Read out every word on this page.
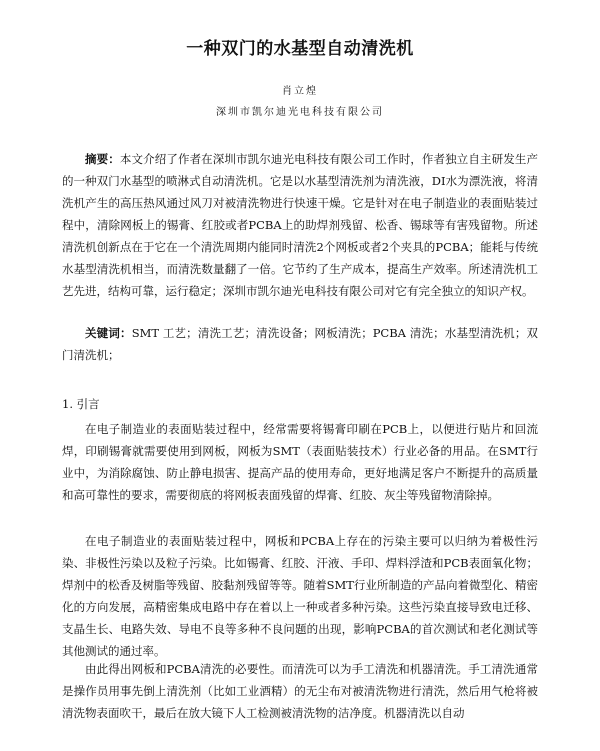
一种双门的水基型自动清洗机
肖立煌
深圳市凯尔迪光电科技有限公司
摘要：本文介绍了作者在深圳市凯尔迪光电科技有限公司工作时，作者独立自主研发生产的一种双门水基型的喷淋式自动清洗机。它是以水基型清洗剂为清洗液，DI水为漂洗液，将清洗机产生的高压热风通过风刀对被清洗物进行快速干燥。它是针对在电子制造业的表面贴装过程中，清除网板上的锡膏、红胶或者PCBA上的助焊剂残留、松香、锡球等有害残留物。所述清洗机创新点在于它在一个清洗周期内能同时清洗2个网板或者2个夹具的PCBA；能耗与传统水基型清洗机相当，而清洗数量翻了一倍。它节约了生产成本，提高生产效率。所述清洗机工艺先进，结构可靠，运行稳定；深圳市凯尔迪光电科技有限公司对它有完全独立的知识产权。
关键词：SMT 工艺；清洗工艺；清洗设备；网板清洗；PCBA 清洗；水基型清洗机；双门清洗机；
1. 引言

在电子制造业的表面贴装过程中，经常需要将锡膏印刷在PCB上，以便进行贴片和回流焊，印刷锡膏就需要使用到网板，网板为SMT（表面贴装技术）行业必备的用品。在SMT行业中，为消除腐蚀、防止静电损害、提高产品的使用寿命，更好地满足客户不断提升的高质量和高可靠性的要求，需要彻底的将网板表面残留的焊膏、红胶、灰尘等残留物清除掉。

在电子制造业的表面贴装过程中，网板和PCBA上存在的污染主要可以归纳为着极性污染、非极性污染以及粒子污染。比如锡膏、红胶、汗液、手印、焊料浮渣和PCB表面氧化物；焊剂中的松香及树脂等残留、胶黏剂残留等等。随着SMT行业所制造的产品向着微型化、精密化的方向发展，高精密集成电路中存在着以上一种或者多种污染。这些污染直接导致电迁移、支晶生长、电路失效、导电不良等多种不良问题的出现，影响PCBA的首次测试和老化测试等其他测试的通过率。

由此得出网板和PCBA清洗的必要性。而清洗可以为手工清洗和机器清洗。手工清洗通常是操作员用事先倒上清洗剂（比如工业酒精）的无尘布对被清洗物进行清洗，然后用气枪将被清洗物表面吹干，最后在放大镜下人工检测被清洗物的洁净度。机器清洗以自动
